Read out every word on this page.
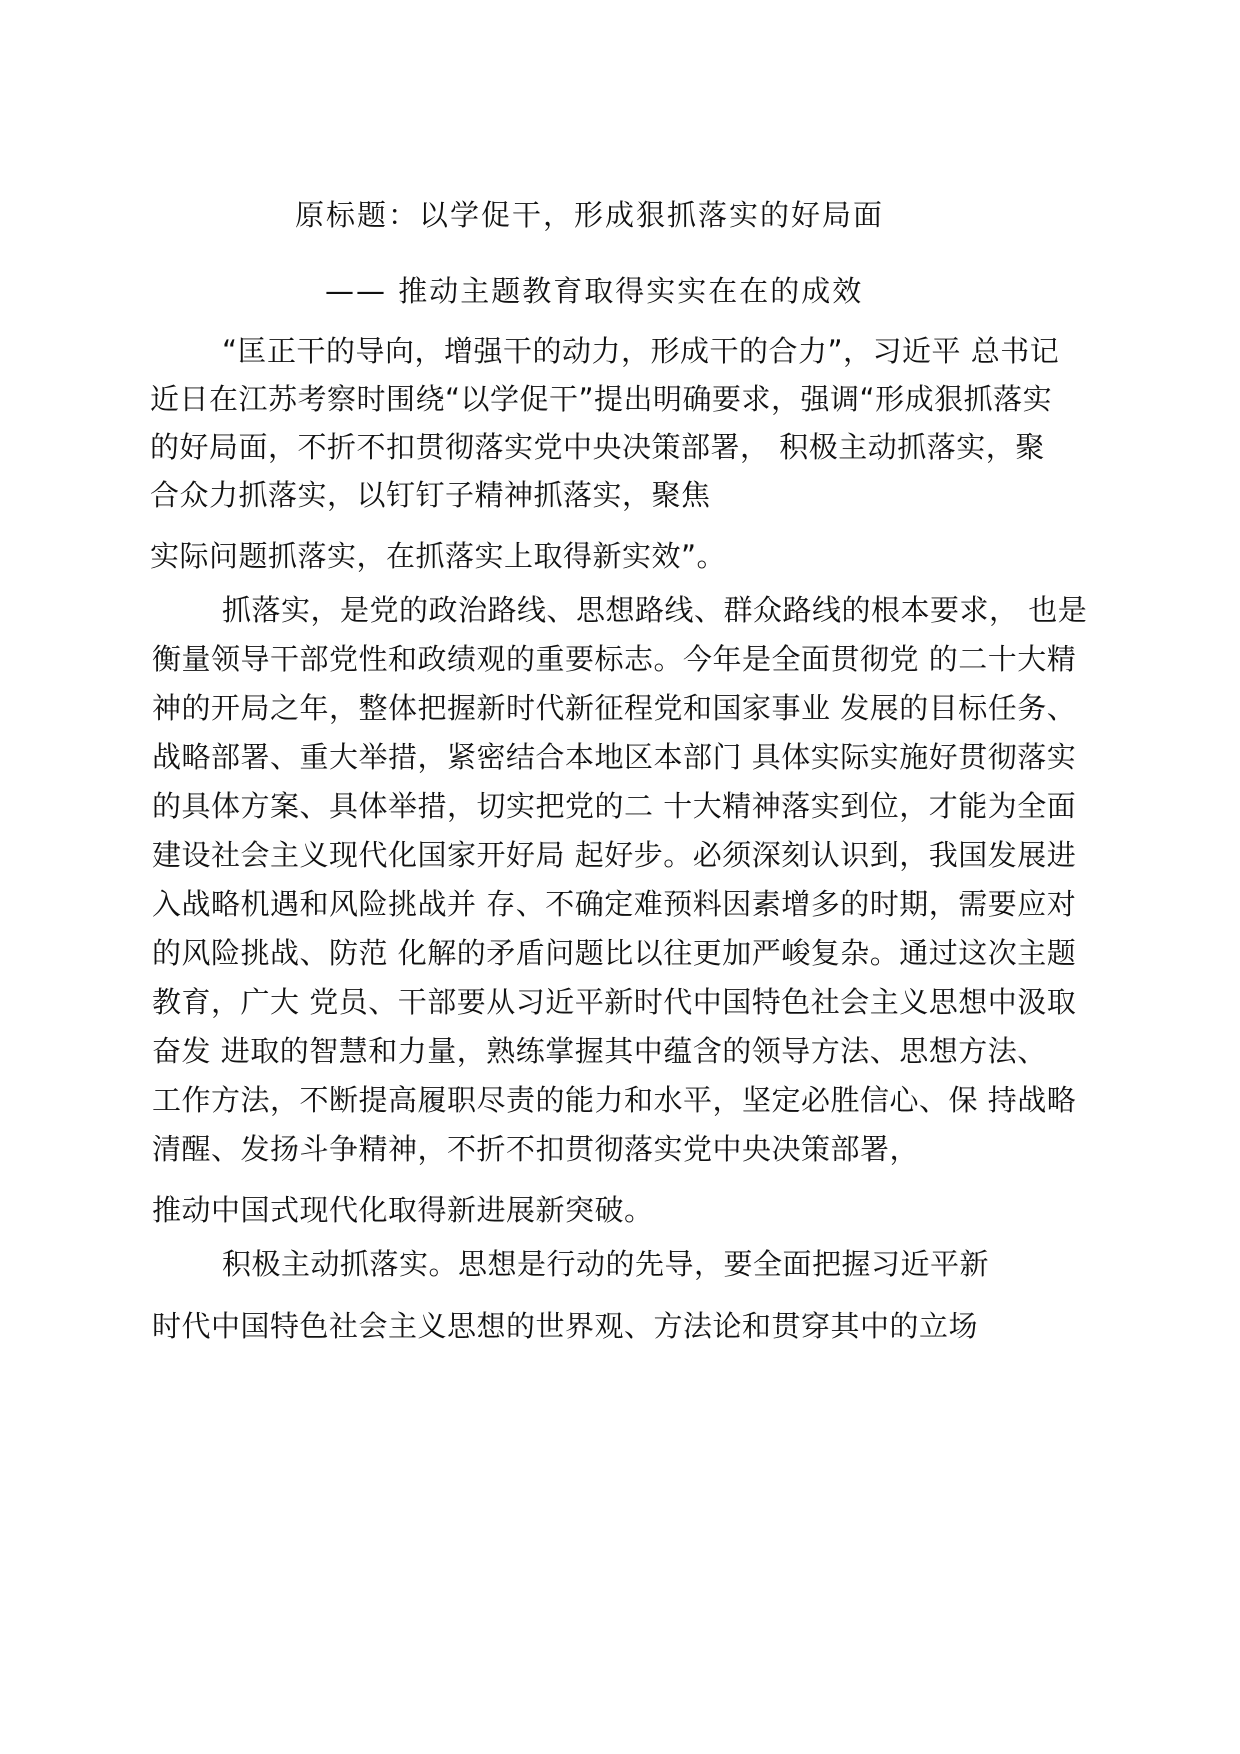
原标题：以学促干，形成狠抓落实的好局面
—— 推动主题教育取得实实在在的成效
“匡正干的导向，增强干的动力，形成干的合力”，习近平 总书记
近日在江苏考察时围绕“以学促干”提出明确要求，强调“形成狠抓落实
的好局面，不折不扣贯彻落实党中央决策部署， 积极主动抓落实，聚
合众力抓落实，以钉钉子精神抓落实，聚焦
实际问题抓落实，在抓落实上取得新实效”。
抓落实，是党的政治路线、思想路线、群众路线的根本要求， 也是
衡量领导干部党性和政绩观的重要标志。今年是全面贯彻党 的二十大精
神的开局之年，整体把握新时代新征程党和国家事业 发展的目标任务、
战略部署、重大举措，紧密结合本地区本部门 具体实际实施好贯彻落实
的具体方案、具体举措，切实把党的二 十大精神落实到位，才能为全面
建设社会主义现代化国家开好局 起好步。必须深刻认识到，我国发展进
入战略机遇和风险挑战并 存、不确定难预料因素增多的时期，需要应对
的风险挑战、防范 化解的矛盾问题比以往更加严峻复杂。通过这次主题
教育，广大 党员、干部要从习近平新时代中国特色社会主义思想中汲取
奋发 进取的智慧和力量，熟练掌握其中蕴含的领导方法、思想方法、
工作方法，不断提高履职尽责的能力和水平，坚定必胜信心、保 持战略
清醒、发扬斗争精神，不折不扣贯彻落实党中央决策部署，
推动中国式现代化取得新进展新突破。
积极主动抓落实。思想是行动的先导，要全面把握习近平新
时代中国特色社会主义思想的世界观、方法论和贯穿其中的立场
